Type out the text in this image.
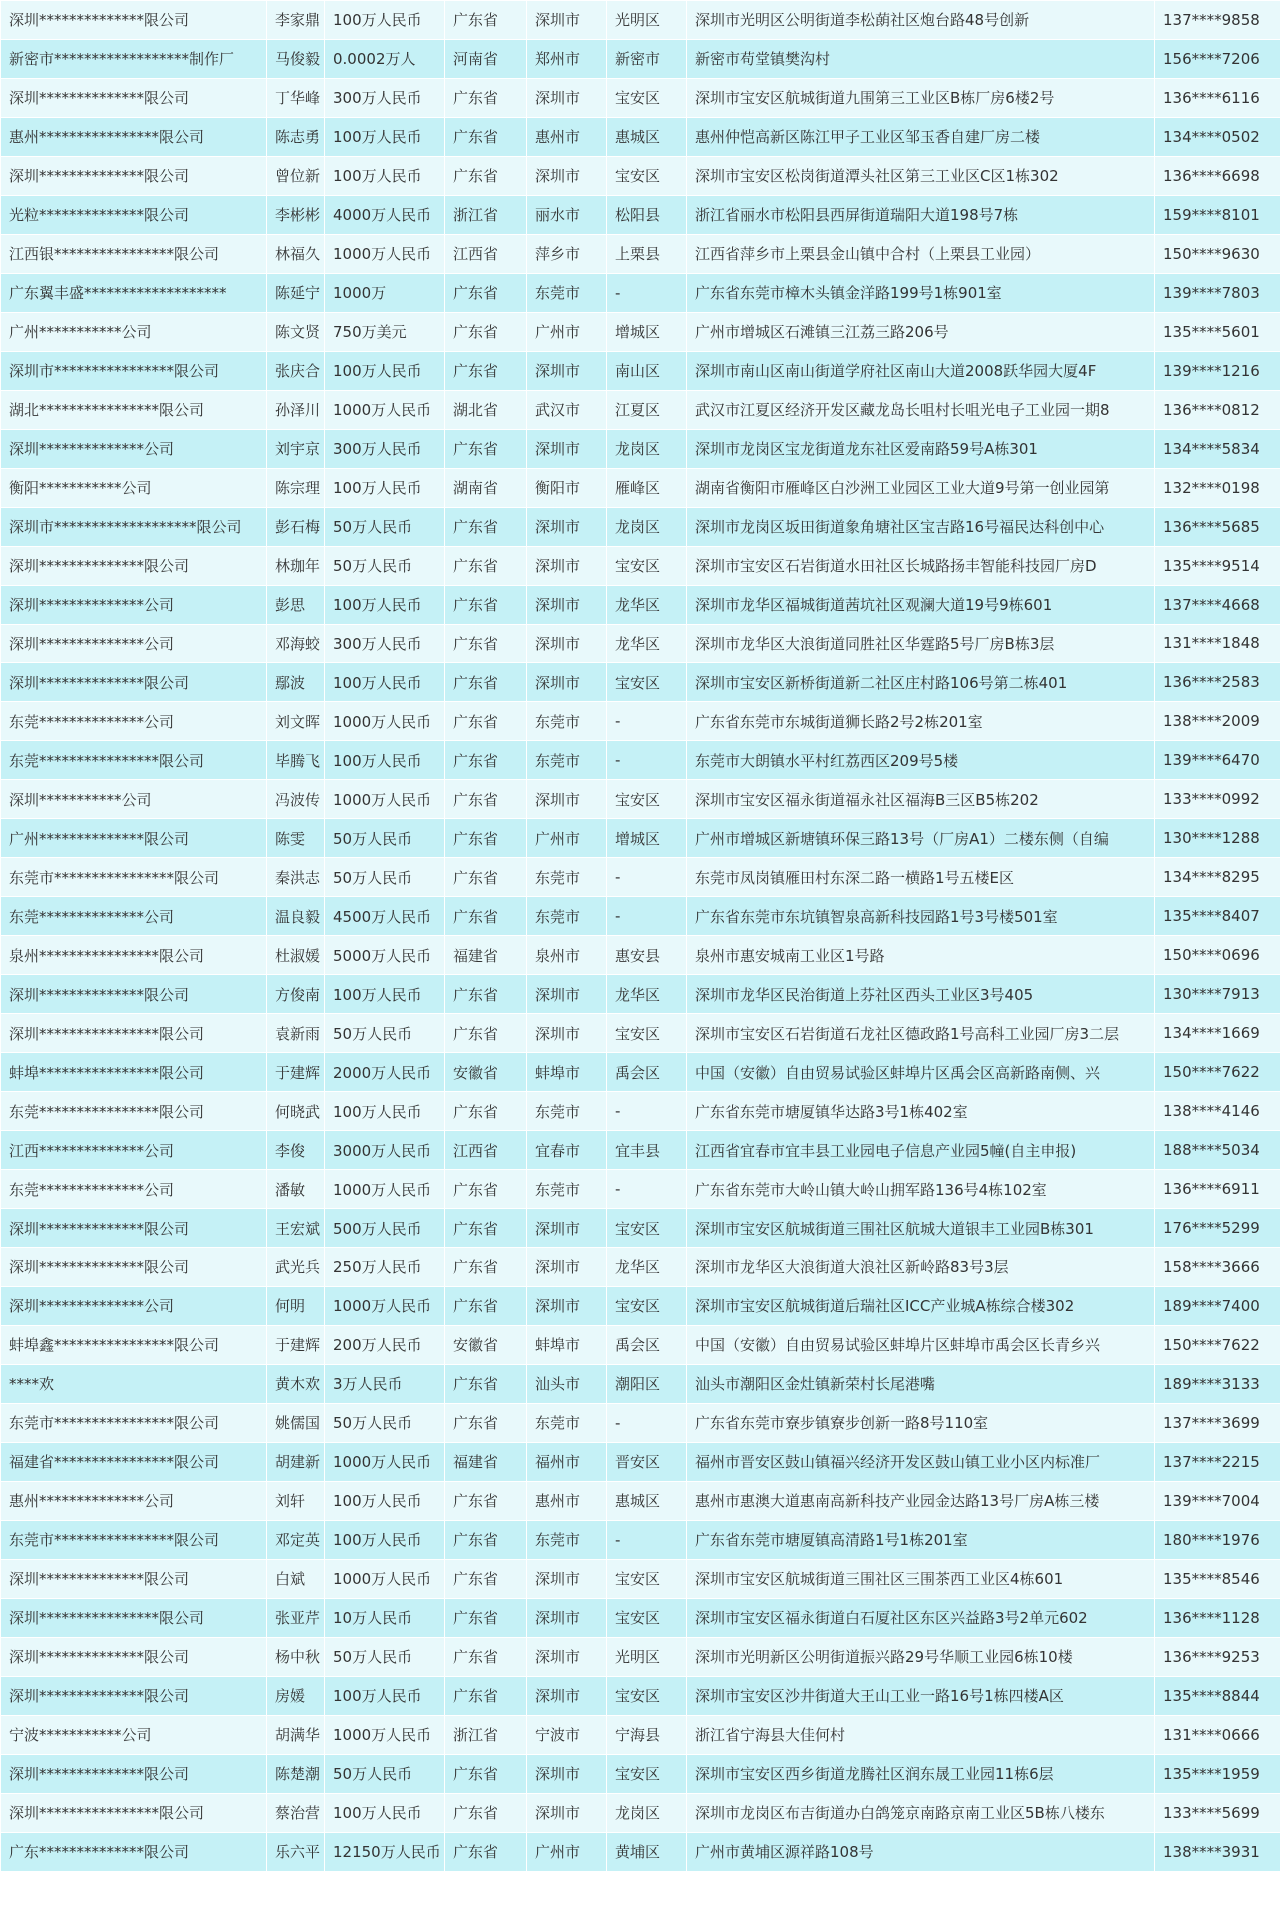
深圳**************限公司	李家鼎	100万人民币	广东省	深圳市	光明区	深圳市光明区公明街道李松蓢社区炮台路48号创新	137****9858
新密市******************制作厂	马俊毅	0.0002万人	河南省	郑州市	新密市	新密市苟堂镇樊沟村	156****7206
深圳**************限公司	丁华峰	300万人民币	广东省	深圳市	宝安区	深圳市宝安区航城街道九围第三工业区B栋厂房6楼2号	136****6116
惠州****************限公司	陈志勇	100万人民币	广东省	惠州市	惠城区	惠州仲恺高新区陈江甲子工业区邹玉香自建厂房二楼	134****0502
深圳**************限公司	曾位新	100万人民币	广东省	深圳市	宝安区	深圳市宝安区松岗街道潭头社区第三工业区C区1栋302	136****6698
光粒**************限公司	李彬彬	4000万人民币	浙江省	丽水市	松阳县	浙江省丽水市松阳县西屏街道瑞阳大道198号7栋	159****8101
江西银****************限公司	林福久	1000万人民币	江西省	萍乡市	上栗县	江西省萍乡市上栗县金山镇中合村（上栗县工业园）	150****9630
广东翼丰盛*******************	陈延宁	1000万	广东省	东莞市	-	广东省东莞市樟木头镇金洋路199号1栋901室	139****7803
广州***********公司	陈文贤	750万美元	广东省	广州市	增城区	广州市增城区石滩镇三江荔三路206号	135****5601
深圳市****************限公司	张庆合	100万人民币	广东省	深圳市	南山区	深圳市南山区南山街道学府社区南山大道2008跃华园大厦4F	139****1216
湖北****************限公司	孙泽川	1000万人民币	湖北省	武汉市	江夏区	武汉市江夏区经济开发区藏龙岛长咀村长咀光电子工业园一期8	136****0812
深圳**************公司	刘宇京	300万人民币	广东省	深圳市	龙岗区	深圳市龙岗区宝龙街道龙东社区爱南路59号A栋301	134****5834
衡阳***********公司	陈宗理	100万人民币	湖南省	衡阳市	雁峰区	湖南省衡阳市雁峰区白沙洲工业园区工业大道9号第一创业园第	132****0198
深圳市*******************限公司	彭石梅	50万人民币	广东省	深圳市	龙岗区	深圳市龙岗区坂田街道象角塘社区宝吉路16号福民达科创中心	136****5685
深圳**************限公司	林珈年	50万人民币	广东省	深圳市	宝安区	深圳市宝安区石岩街道水田社区长城路扬丰智能科技园厂房D	135****9514
深圳**************公司	彭思	100万人民币	广东省	深圳市	龙华区	深圳市龙华区福城街道茜坑社区观澜大道19号9栋601	137****4668
深圳**************公司	邓海蛟	300万人民币	广东省	深圳市	龙华区	深圳市龙华区大浪街道同胜社区华霆路5号厂房B栋3层	131****1848
深圳**************限公司	鄢波	100万人民币	广东省	深圳市	宝安区	深圳市宝安区新桥街道新二社区庄村路106号第二栋401	136****2583
东莞**************公司	刘文晖	1000万人民币	广东省	东莞市	-	广东省东莞市东城街道狮长路2号2栋201室	138****2009
东莞****************限公司	毕腾飞	100万人民币	广东省	东莞市	-	东莞市大朗镇水平村红荔西区209号5楼	139****6470
深圳***********公司	冯波传	1000万人民币	广东省	深圳市	宝安区	深圳市宝安区福永街道福永社区福海B三区B5栋202	133****0992
广州**************限公司	陈雯	50万人民币	广东省	广州市	增城区	广州市增城区新塘镇环保三路13号（厂房A1）二楼东侧（自编	130****1288
东莞市****************限公司	秦洪志	50万人民币	广东省	东莞市	-	东莞市凤岗镇雁田村东深二路一横路1号五楼E区	134****8295
东莞**************公司	温良毅	4500万人民币	广东省	东莞市	-	广东省东莞市东坑镇智泉高新科技园路1号3号楼501室	135****8407
泉州****************限公司	杜淑媛	5000万人民币	福建省	泉州市	惠安县	泉州市惠安城南工业区1号路	150****0696
深圳**************限公司	方俊南	100万人民币	广东省	深圳市	龙华区	深圳市龙华区民治街道上芬社区西头工业区3号405	130****7913
深圳****************限公司	袁新雨	50万人民币	广东省	深圳市	宝安区	深圳市宝安区石岩街道石龙社区德政路1号高科工业园厂房3二层	134****1669
蚌埠****************限公司	于建辉	2000万人民币	安徽省	蚌埠市	禹会区	中国（安徽）自由贸易试验区蚌埠片区禹会区高新路南侧、兴	150****7622
东莞****************限公司	何晓武	100万人民币	广东省	东莞市	-	广东省东莞市塘厦镇华达路3号1栋402室	138****4146
江西**************公司	李俊	3000万人民币	江西省	宜春市	宜丰县	江西省宜春市宜丰县工业园电子信息产业园5幢(自主申报)	188****5034
东莞**************公司	潘敏	1000万人民币	广东省	东莞市	-	广东省东莞市大岭山镇大岭山拥军路136号4栋102室	136****6911
深圳**************限公司	王宏斌	500万人民币	广东省	深圳市	宝安区	深圳市宝安区航城街道三围社区航城大道银丰工业园B栋301	176****5299
深圳**************限公司	武光兵	250万人民币	广东省	深圳市	龙华区	深圳市龙华区大浪街道大浪社区新岭路83号3层	158****3666
深圳**************公司	何明	1000万人民币	广东省	深圳市	宝安区	深圳市宝安区航城街道后瑞社区ICC产业城A栋综合楼302	189****7400
蚌埠鑫****************限公司	于建辉	200万人民币	安徽省	蚌埠市	禹会区	中国（安徽）自由贸易试验区蚌埠片区蚌埠市禹会区长青乡兴	150****7622
****欢	黄木欢	3万人民币	广东省	汕头市	潮阳区	汕头市潮阳区金灶镇新荣村长尾港嘴	189****3133
东莞市****************限公司	姚儒国	50万人民币	广东省	东莞市	-	广东省东莞市寮步镇寮步创新一路8号110室	137****3699
福建省****************限公司	胡建新	1000万人民币	福建省	福州市	晋安区	福州市晋安区鼓山镇福兴经济开发区鼓山镇工业小区内标准厂	137****2215
惠州**************公司	刘轩	100万人民币	广东省	惠州市	惠城区	惠州市惠澳大道惠南高新科技产业园金达路13号厂房A栋三楼	139****7004
东莞市****************限公司	邓定英	100万人民币	广东省	东莞市	-	广东省东莞市塘厦镇高清路1号1栋201室	180****1976
深圳**************限公司	白斌	1000万人民币	广东省	深圳市	宝安区	深圳市宝安区航城街道三围社区三围茶西工业区4栋601	135****8546
深圳****************限公司	张亚芹	10万人民币	广东省	深圳市	宝安区	深圳市宝安区福永街道白石厦社区东区兴益路3号2单元602	136****1128
深圳**************限公司	杨中秋	50万人民币	广东省	深圳市	光明区	深圳市光明新区公明街道振兴路29号华顺工业园6栋10楼	136****9253
深圳**************限公司	房媛	100万人民币	广东省	深圳市	宝安区	深圳市宝安区沙井街道大王山工业一路16号1栋四楼A区	135****8844
宁波***********公司	胡满华	1000万人民币	浙江省	宁波市	宁海县	浙江省宁海县大佳何村	131****0666
深圳**************限公司	陈楚潮	50万人民币	广东省	深圳市	宝安区	深圳市宝安区西乡街道龙腾社区润东晟工业园11栋6层	135****1959
深圳****************限公司	蔡治营	100万人民币	广东省	深圳市	龙岗区	深圳市龙岗区布吉街道办白鸽笼京南路京南工业区5B栋八楼东	133****5699
广东**************限公司	乐六平	12150万人民币	广东省	广州市	黄埔区	广州市黄埔区源祥路108号	138****3931
